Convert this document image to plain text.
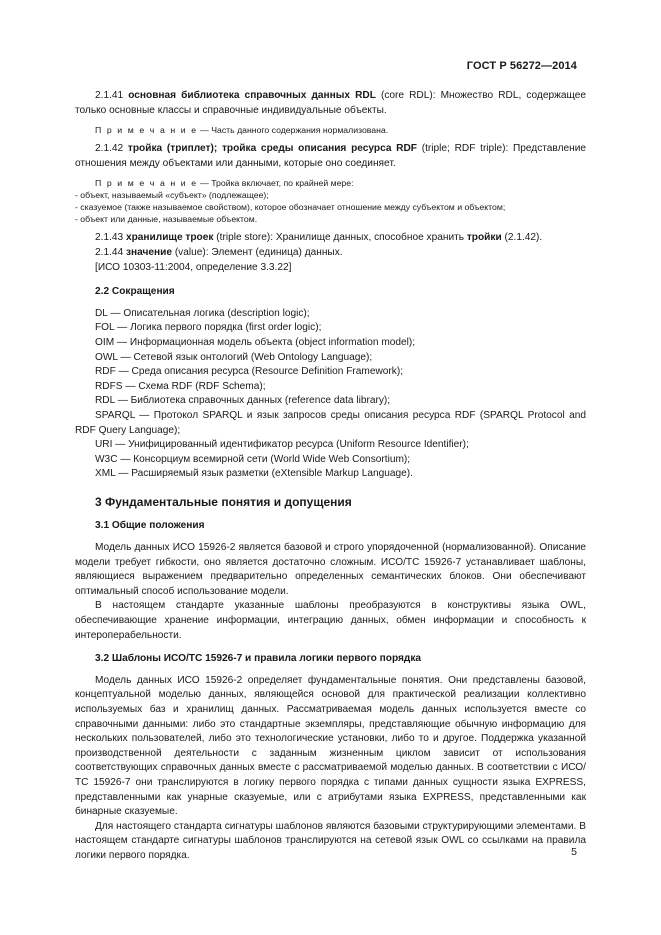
ГОСТ Р 56272—2014

2.1.41 основная библиотека справочных данных RDL (core RDL): Множество RDL, содержащее только основные классы и справочные индивидуальные объекты.

П р и м е ч а н и е — Часть данного содержания нормализована.

2.1.42 тройка (триплет); тройка среды описания ресурса RDF (triple; RDF triple): Представление отношения между объектами или данными, которые оно соединяет.

П р и м е ч а н и е — Тройка включает, по крайней мере:

- объект, называемый «субъект» (подлежащее);

- сказуемое (также называемое свойством), которое обозначает отношение между субъектом и объектом;

- объект или данные, называемые объектом.

2.1.43 хранилище троек (triple store): Хранилище данных, способное хранить тройки (2.1.42).

2.1.44 значение (value): Элемент (единица) данных.

[ИСО 10303-11:2004, определение 3.3.22]

2.2 Сокращения

DL — Описательная логика (description logic);

FOL — Логика первого порядка (first order logic);

OIM — Информационная модель объекта (object information model);

OWL — Сетевой язык онтологий (Web Ontology Language);

RDF — Среда описания ресурса (Resource Definition Framework);

RDFS — Схема RDF (RDF Schema);

RDL — Библиотека справочных данных (reference data library);

SPARQL — Протокол SPARQL и язык запросов среды описания ресурса RDF (SPARQL Protocol and RDF Query Language);

URI — Унифицированный идентификатор ресурса (Uniform Resource Identifier);

W3C — Консорциум всемирной сети (World Wide Web Consortium);

XML — Расширяемый язык разметки (eXtensible Markup Language).

3 Фундаментальные понятия и допущения
3.1 Общие положения

Модель данных ИСО 15926-2 является базовой и строго упорядоченной (нормализованной). Описание модели требует гибкости, оно является достаточно сложным. ИСО/ТС 15926-7 устанавливает шаблоны, являющиеся выражением предварительно определенных семантических блоков. Они обеспечивают оптимальный способ использование модели.

В настоящем стандарте указанные шаблоны преобразуются в конструктивы языка OWL, обеспечивающие хранение информации, интеграцию данных, обмен информации и способность к интероперабельности.

3.2 Шаблоны ИСО/ТС 15926-7 и правила логики первого порядка

Модель данных ИСО 15926-2 определяет фундаментальные понятия. Они представлены базовой, концептуальной моделью данных, являющейся основой для практической реализации коллективно используемых баз и хранилищ данных. Рассматриваемая модель данных используется вместе со справочными данными: либо это стандартные экземпляры, представляющие обычную информацию для нескольких пользователей, либо это технологические установки, либо то и другое. Поддержка указанной производственной деятельности с заданным жизненным циклом зависит от использования соответствующих справочных данных вместе с рассматриваемой моделью данных. В соответствии с ИСО/ТС 15926-7 они транслируются в логику первого порядка с типами данных сущности языка EXPRESS, представленными как унарные сказуемые, или с атрибутами языка EXPRESS, представленными как бинарные сказуемые.

Для настоящего стандарта сигнатуры шаблонов являются базовыми структурирующими элементами. В настоящем стандарте сигнатуры шаблонов транслируются на сетевой язык OWL со ссылками на правила логики первого порядка.	5
